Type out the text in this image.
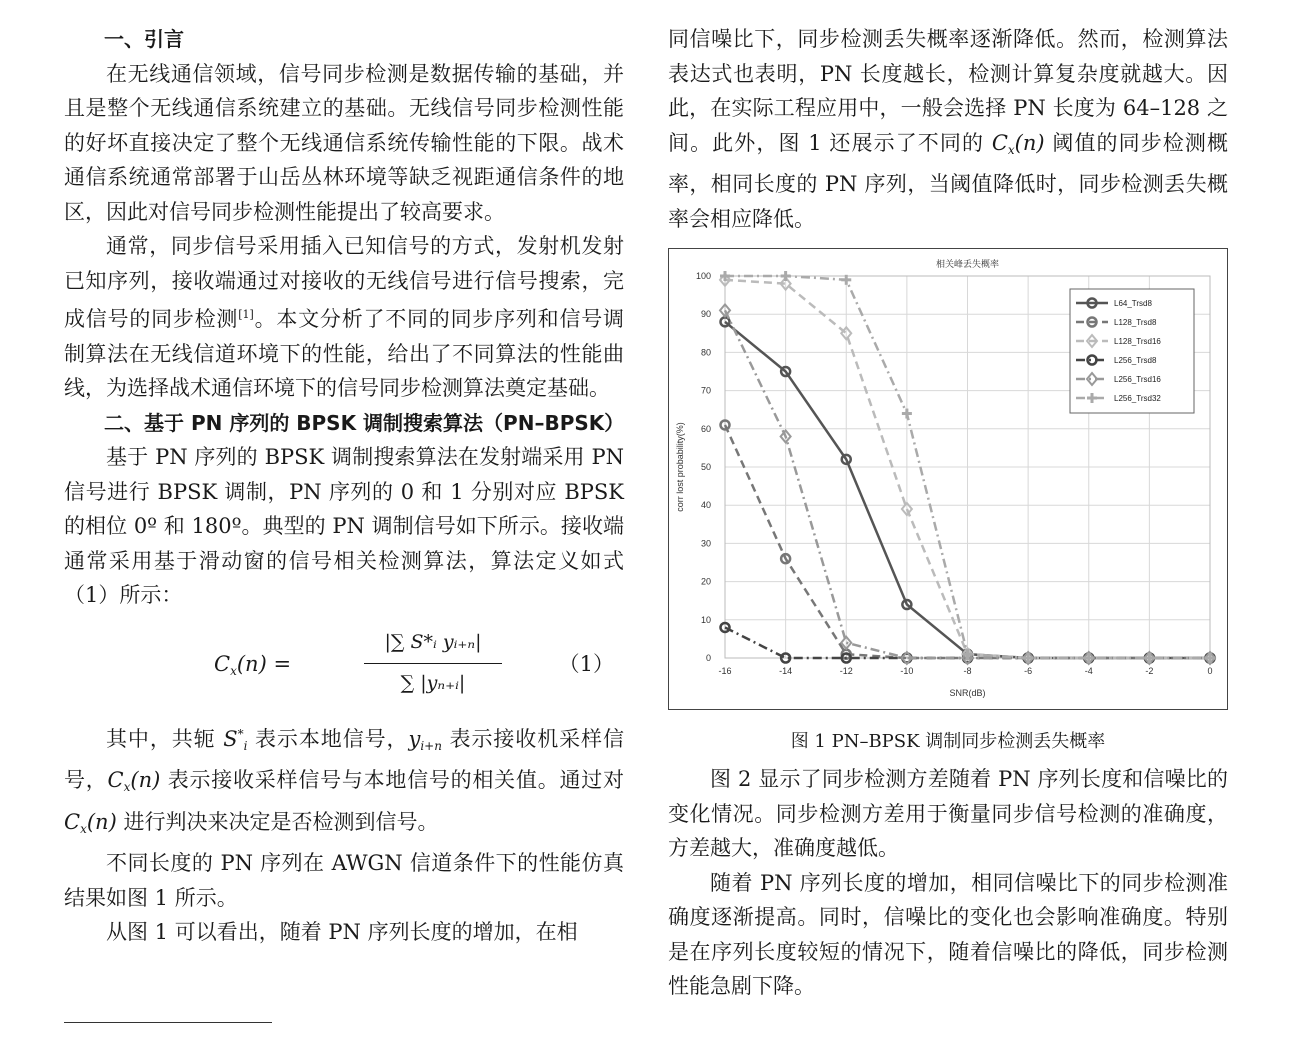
一、引言

在无线通信领域，信号同步检测是数据传输的基础，并且是整个无线通信系统建立的基础。无线信号同步检测性能的好坏直接决定了整个无线通信系统传输性能的下限。战术通信系统通常部署于山岳丛林环境等缺乏视距通信条件的地区，因此对信号同步检测性能提出了较高要求。

通常，同步信号采用插入已知信号的方式，发射机发射已知序列，接收端通过对接收的无线信号进行信号搜索，完成信号的同步检测[1]。本文分析了不同的同步序列和信号调制算法在无线信道环境下的性能，给出了不同算法的性能曲线，为选择战术通信环境下的信号同步检测算法奠定基础。

二、基于 PN 序列的 BPSK 调制搜索算法（PN–BPSK）

基于 PN 序列的 BPSK 调制搜索算法在发射端采用 PN 信号进行 BPSK 调制，PN 序列的 0 和 1 分别对应 BPSK 的相位 0º 和 180º。典型的 PN 调制信号如下所示。接收端通常采用基于滑动窗的信号相关检测算法，算法定义如式（1）所示：

$C_x(n)$ =	$\frac{\text{|∑ S*ᵢ yᵢ₊ₙ|}}{\text{∑ |yₙ₊ᵢ|}}$	（1）

其中，共轭 $S^*_i$ 表示本地信号，$y_{i+n}$ 表示接收机采样信号，$C_x(n)$ 表示接收采样信号与本地信号的相关值。通过对 $C_x(n)$ 进行判决来决定是否检测到信号。

不同长度的 PN 序列在 AWGN 信道条件下的性能仿真结果如图 1 所示。

从图 1 可以看出，随着 PN 序列长度的增加，在相

同信噪比下，同步检测丢失概率逐渐降低。然而，检测算法表达式也表明，PN 长度越长，检测计算复杂度就越大。因此，在实际工程应用中，一般会选择 PN 长度为 64–128 之间。此外，图 1 还展示了不同的 $C_x(n)$ 阈值的同步检测概率，相同长度的 PN 序列，当阈值降低时，同步检测丢失概率会相应降低。

0
10
20
30
40
50
60
70
80
90
100
-16	-14	-12	-10	-8	-6	-4	-2	0
相关峰丢失概率
SNR(dB)
corr lost probability(%)
L64_Trsd8
L128_Trsd8
L128_Trsd16
L256_Trsd8
L256_Trsd16
L256_Trsd32
图 1 PN–BPSK 调制同步检测丢失概率

图 2 显示了同步检测方差随着 PN 序列长度和信噪比的变化情况。同步检测方差用于衡量同步信号检测的准确度，方差越大，准确度越低。

随着 PN 序列长度的增加，相同信噪比下的同步检测准确度逐渐提高。同时，信噪比的变化也会影响准确度。特别是在序列长度较短的情况下，随着信噪比的降低，同步检测性能急剧下降。
